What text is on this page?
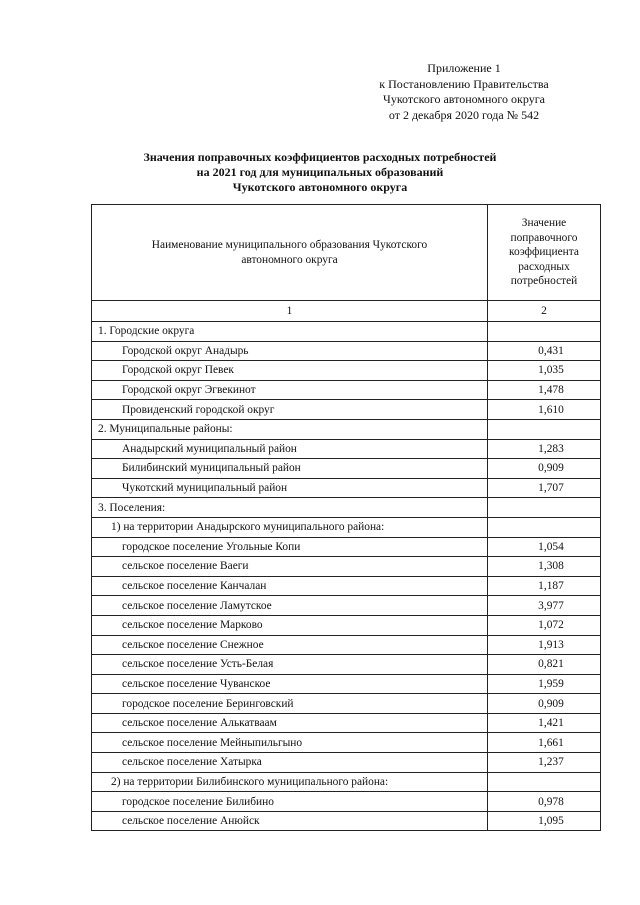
Приложение 1
к Постановлению Правительства
Чукотского автономного округа
от 2 декабря 2020 года № 542
Значения поправочных коэффициентов расходных потребностей
на 2021 год для муниципальных образований
Чукотского автономного округа
Наименование муниципального образования Чукотского автономного округа	Значение поправочного коэффициента расходных потребностей
1	2
1. Городские округа	
Городской округ Анадырь	0,431
Городской округ Певек	1,035
Городской округ Эгвекинот	1,478
Провиденский городской округ	1,610
2. Муниципальные районы:	
Анадырский муниципальный район	1,283
Билибинский муниципальный район	0,909
Чукотский муниципальный район	1,707
3. Поселения:	
1) на территории Анадырского муниципального района:	
городское поселение Угольные Копи	1,054
сельское поселение Ваеги	1,308
сельское поселение Канчалан	1,187
сельское поселение Ламутское	3,977
сельское поселение Марково	1,072
сельское поселение Снежное	1,913
сельское поселение Усть-Белая	0,821
сельское поселение Чуванское	1,959
городское поселение Беринговский	0,909
сельское поселение Алькатваам	1,421
сельское поселение Мейныпильгыно	1,661
сельское поселение Хатырка	1,237
2) на территории Билибинского муниципального района:	
городское поселение Билибино	0,978
сельское поселение Анюйск	1,095
